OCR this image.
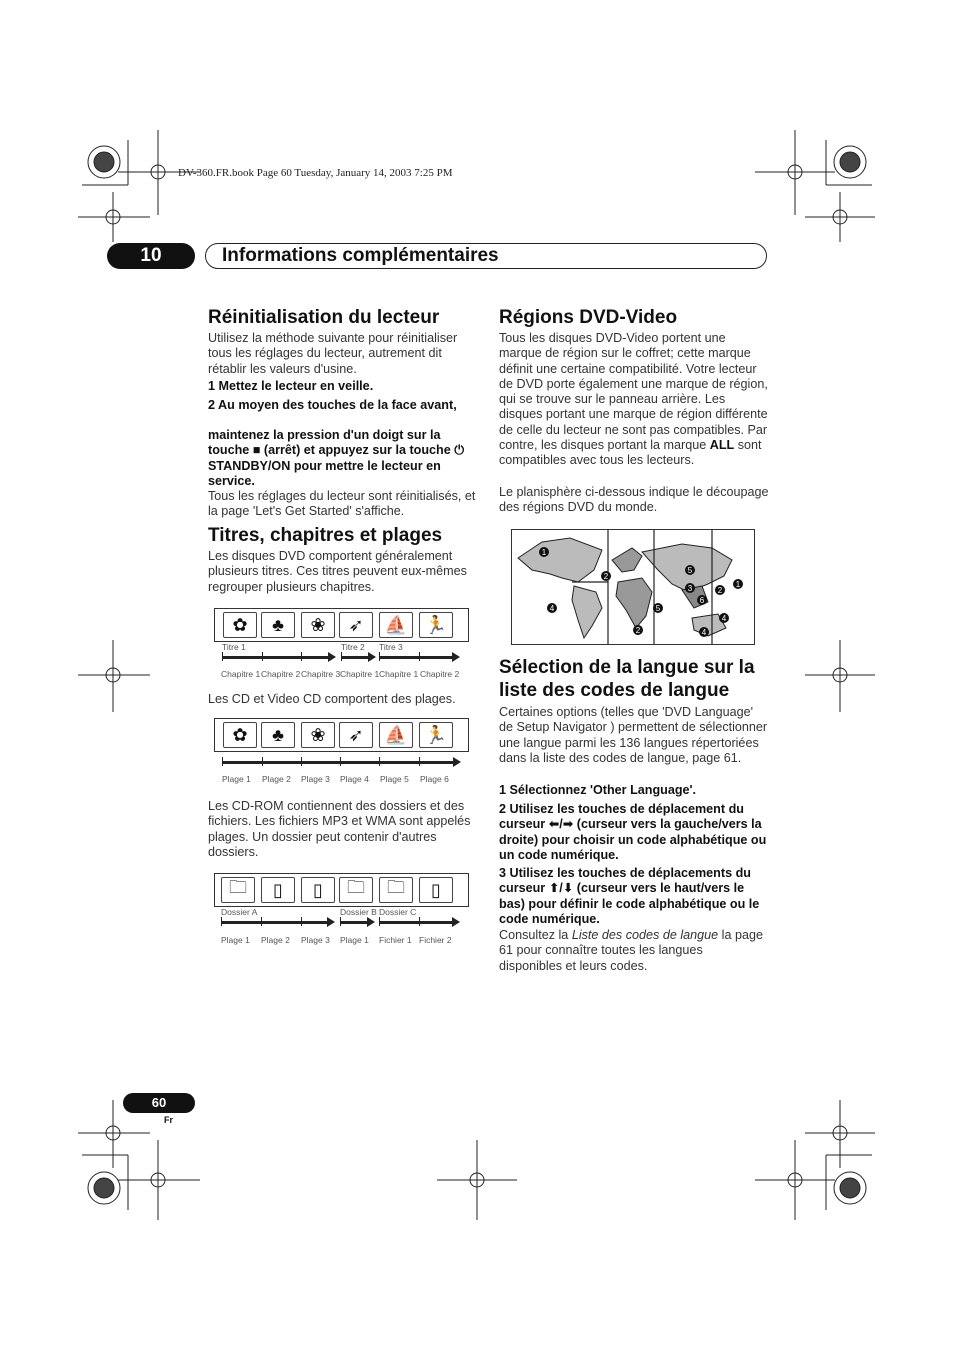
DV-360.FR.book Page 60 Tuesday, January 14, 2003 7:25 PM
10	Informations complémentaires
Réinitialisation du lecteur
Utilisez la méthode suivante pour réinitialiser tous les réglages du lecteur, autrement dit rétablir les valeurs d'usine.
1 Mettez le lecteur en veille.
2 Au moyen des touches de la face avant,
maintenez la pression d'un doigt sur la touche ■ (arrêt) et appuyez sur la touche ⏻ STANDBY/ON pour mettre le lecteur en service.
Tous les réglages du lecteur sont réinitialisés, et la page 'Let's Get Started' s'affiche.
Titres, chapitres et plages
Les disques DVD comportent généralement plusieurs titres. Ces titres peuvent eux-mêmes regrouper plusieurs chapitres.
✿	♣	❀	➶	⛵ 🏃
Titre 1	Titre 2 Titre 3
Chapitre 1 Chapitre 2 Chapitre 3 Chapitre 1 Chapitre 1 Chapitre 2
Les CD et Video CD comportent des plages.
✿	♣	❀	➶	⛵ 🏃
Plage 1 Plage 2 Plage 3 Plage 4 Plage 5 Plage 6
Les CD-ROM contiennent des dossiers et des fichiers. Les fichiers MP3 et WMA sont appelés plages. Un dossier peut contenir d'autres dossiers.
🗀	▯	▯	🗀	🗀	▯
Dossier A	Dossier B Dossier C
Plage 1 Plage 2 Plage 3 Plage 1 Fichier 1 Fichier 2
Régions DVD-Video
Tous les disques DVD-Video portent une marque de région sur le coffret; cette marque définit une certaine compatibilité. Votre lecteur de DVD porte également une marque de région, qui se trouve sur le panneau arrière. Les disques portant une marque de région différente de celle du lecteur ne sont pas compatibles. Par contre, les disques portant la marque ALL sont compatibles avec tous les lecteurs.
Le planisphère ci-dessous indique le découpage des régions DVD du monde.
1
2
3
4	5
6
1
2
2
5
4
4
Sélection de la langue sur la
liste des codes de langue
Certaines options (telles que 'DVD Language' de Setup Navigator ) permettent de sélectionner une langue parmi les 136 langues répertoriées dans la liste des codes de langue, page 61.
1 Sélectionnez 'Other Language'.
2 Utilisez les touches de déplacement du curseur ⬅/➡ (curseur vers la gauche/vers la droite) pour choisir un code alphabétique ou un code numérique.
3 Utilisez les touches de déplacements du curseur ⬆/⬇ (curseur vers le haut/vers le bas) pour définir le code alphabétique ou le code numérique.
Consultez la Liste des codes de langue la page 61 pour connaître toutes les langues disponibles et leurs codes.
60
Fr
